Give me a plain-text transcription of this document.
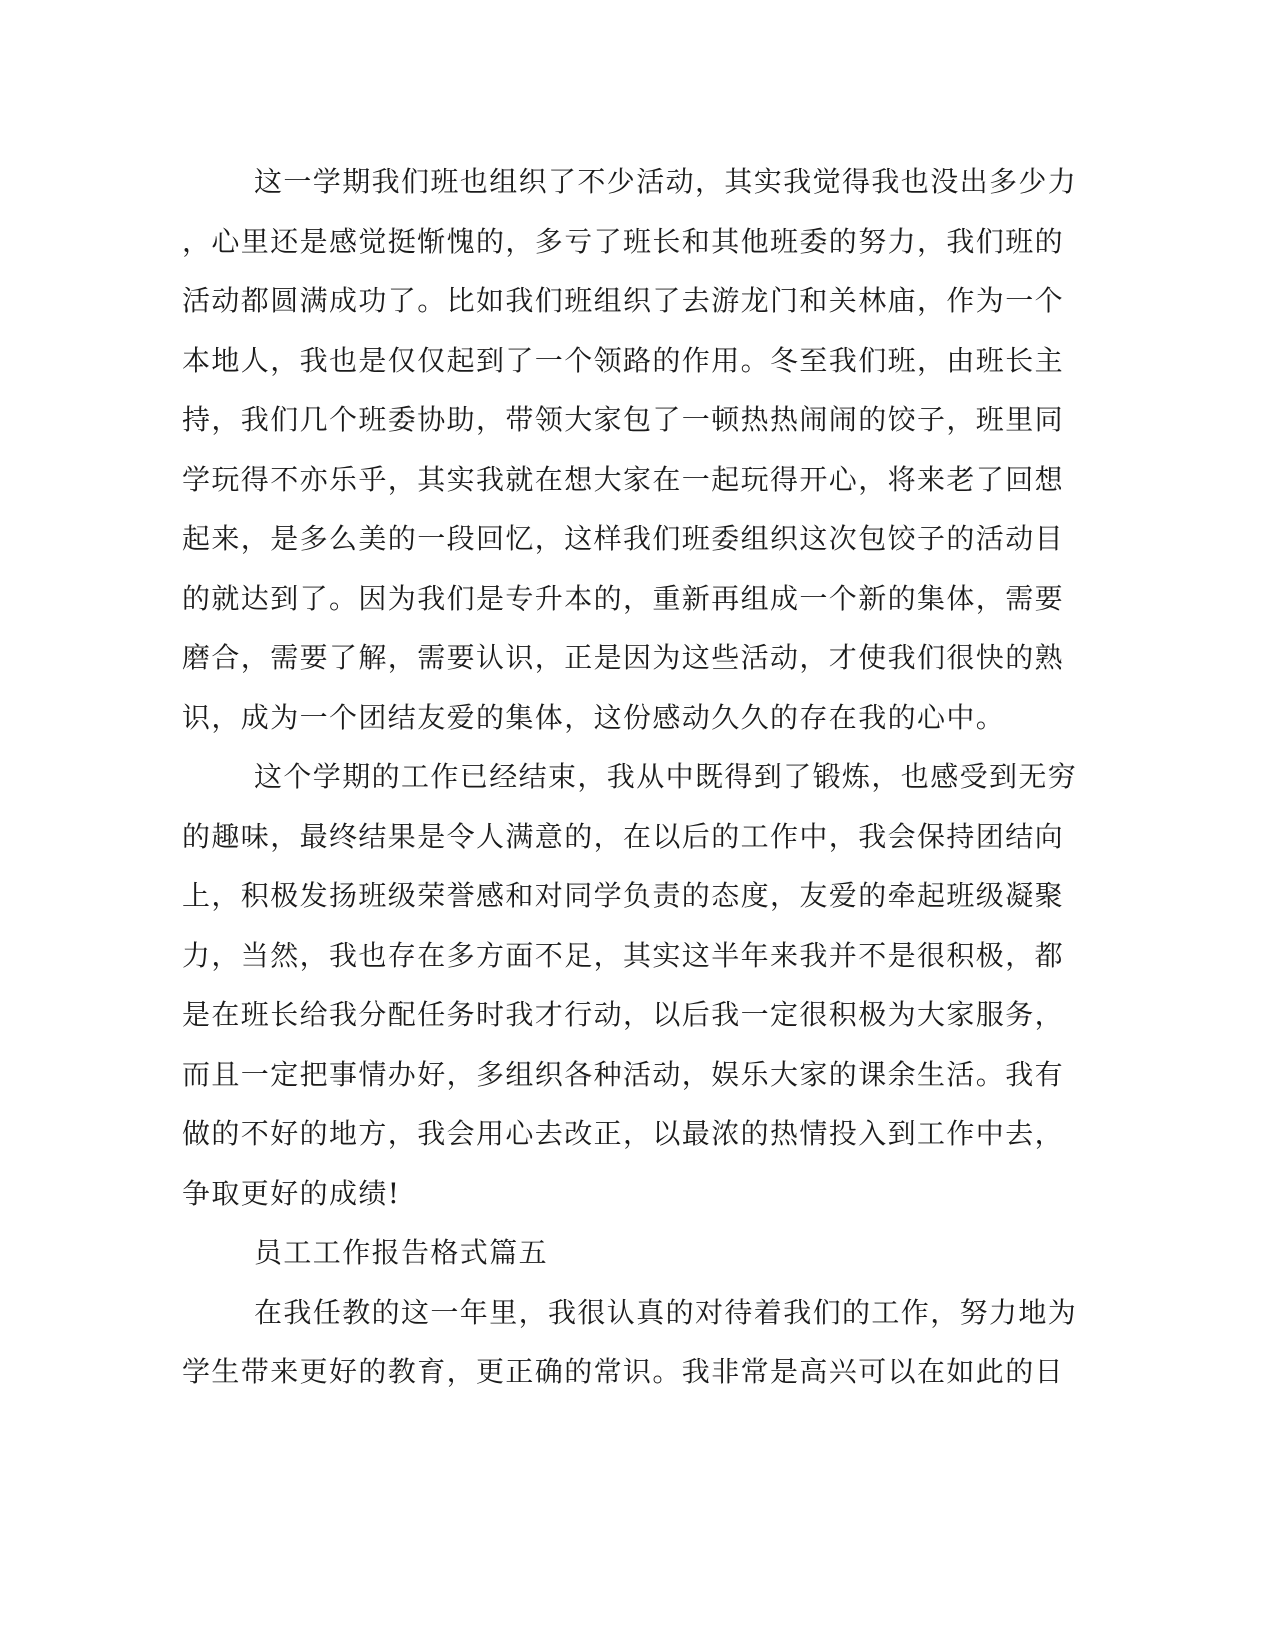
这一学期我们班也组织了不少活动，其实我觉得我也没出多少力
，心里还是感觉挺惭愧的，多亏了班长和其他班委的努力，我们班的
活动都圆满成功了。比如我们班组织了去游龙门和关林庙，作为一个
本地人，我也是仅仅起到了一个领路的作用。冬至我们班，由班长主
持，我们几个班委协助，带领大家包了一顿热热闹闹的饺子，班里同
学玩得不亦乐乎，其实我就在想大家在一起玩得开心，将来老了回想
起来，是多么美的一段回忆，这样我们班委组织这次包饺子的活动目
的就达到了。因为我们是专升本的，重新再组成一个新的集体，需要
磨合，需要了解，需要认识，正是因为这些活动，才使我们很快的熟
识，成为一个团结友爱的集体，这份感动久久的存在我的心中。
这个学期的工作已经结束，我从中既得到了锻炼，也感受到无穷
的趣味，最终结果是令人满意的，在以后的工作中，我会保持团结向
上，积极发扬班级荣誉感和对同学负责的态度，友爱的牵起班级凝聚
力，当然，我也存在多方面不足，其实这半年来我并不是很积极，都
是在班长给我分配任务时我才行动，以后我一定很积极为大家服务，
而且一定把事情办好，多组织各种活动，娱乐大家的课余生活。我有
做的不好的地方，我会用心去改正，以最浓的热情投入到工作中去，
争取更好的成绩!
员工工作报告格式篇五
在我任教的这一年里，我很认真的对待着我们的工作，努力地为
学生带来更好的教育，更正确的常识。我非常是高兴可以在如此的日
